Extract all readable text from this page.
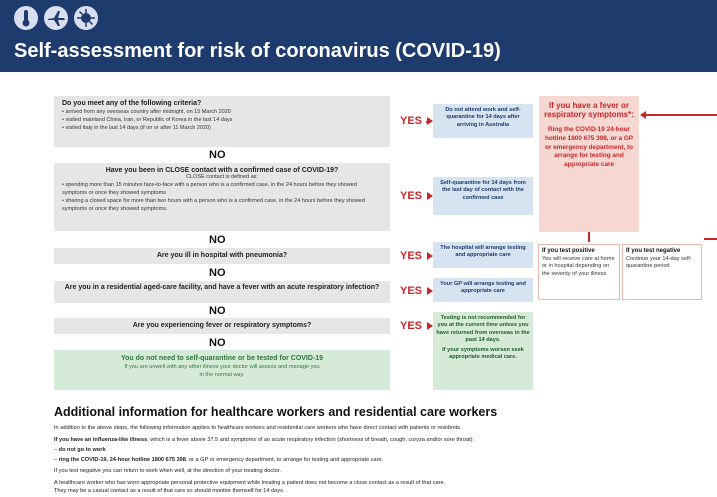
Self-assessment for risk of coronavirus (COVID-19)
Do you meet any of the following criteria?
• arrived from any overseas country after midnight, on 15 March 2020
• visited mainland China, Iran, or Republic of Korea in the last 14 days
• visited Italy in the last 14 days (if on or after 11 March 2020)
YES
Do not attend work and self-quarantine for 14 days after arriving in Australia
NO
Have you been in CLOSE contact with a confirmed case of COVID-19?
CLOSE contact is defined as:
• spending more than 15 minutes face-to-face with a person who is a confirmed case, in the 24 hours before they showed symptoms or once they showed symptoms
• sharing a closed space for more than two hours with a person who is a confirmed case, in the 24 hours before they showed symptoms or once they showed symptoms.
YES
Self-quarantine for 14 days from the last day of contact with the confirmed case
NO
Are you ill in hospital with pneumonia?	YES
The hospital will arrange testing and appropriate care
NO
Are you in a residential aged-care facility, and have a fever with an acute respiratory infection? YES
Your GP will arrange testing and appropriate care
NO
Are you experiencing fever or respiratory symptoms?	YES
Testing is not recommended for you at the current time unless you have returned from overseas in the past 14 days.
If your symptoms worsen seek appropriate medical care.
NO
You do not need to self-quarantine or be tested for COVID-19
If you are unwell with any other illness your doctor will assess and manage you in the normal way.
If you have a fever or respiratory symptoms*:
Ring the COVID-19 24-hour hotline 1800 675 398, or a GP or emergency department, to arrange for testing and appropriate care
If you test positive
You will receive care at home or in hospital depending on the severity of your illness
If you test negative
Continue your 14-day self-quarantine period
Additional information for healthcare workers and residential care workers
In addition to the above steps, the following information applies to healthcare workers and residential care workers who have direct contact with patients or residents.
If you have an influenza-like illness, which is a fever above 37.5 and symptoms of an acute respiratory infection (shortness of breath, cough, coryza and/or sore throat):
– do not go to work
– ring the COVID-19, 24-hour hotline 1800 675 398, or a GP or emergency department, to arrange for testing and appropriate care.
If you test negative you can return to work when well, at the direction of your treating doctor.
A healthcare worker who has worn appropriate personal protective equipment while treating a patient does not become a close contact as a result of that care.
They may be a casual contact as a result of that care so should monitor themself for 14 days.
